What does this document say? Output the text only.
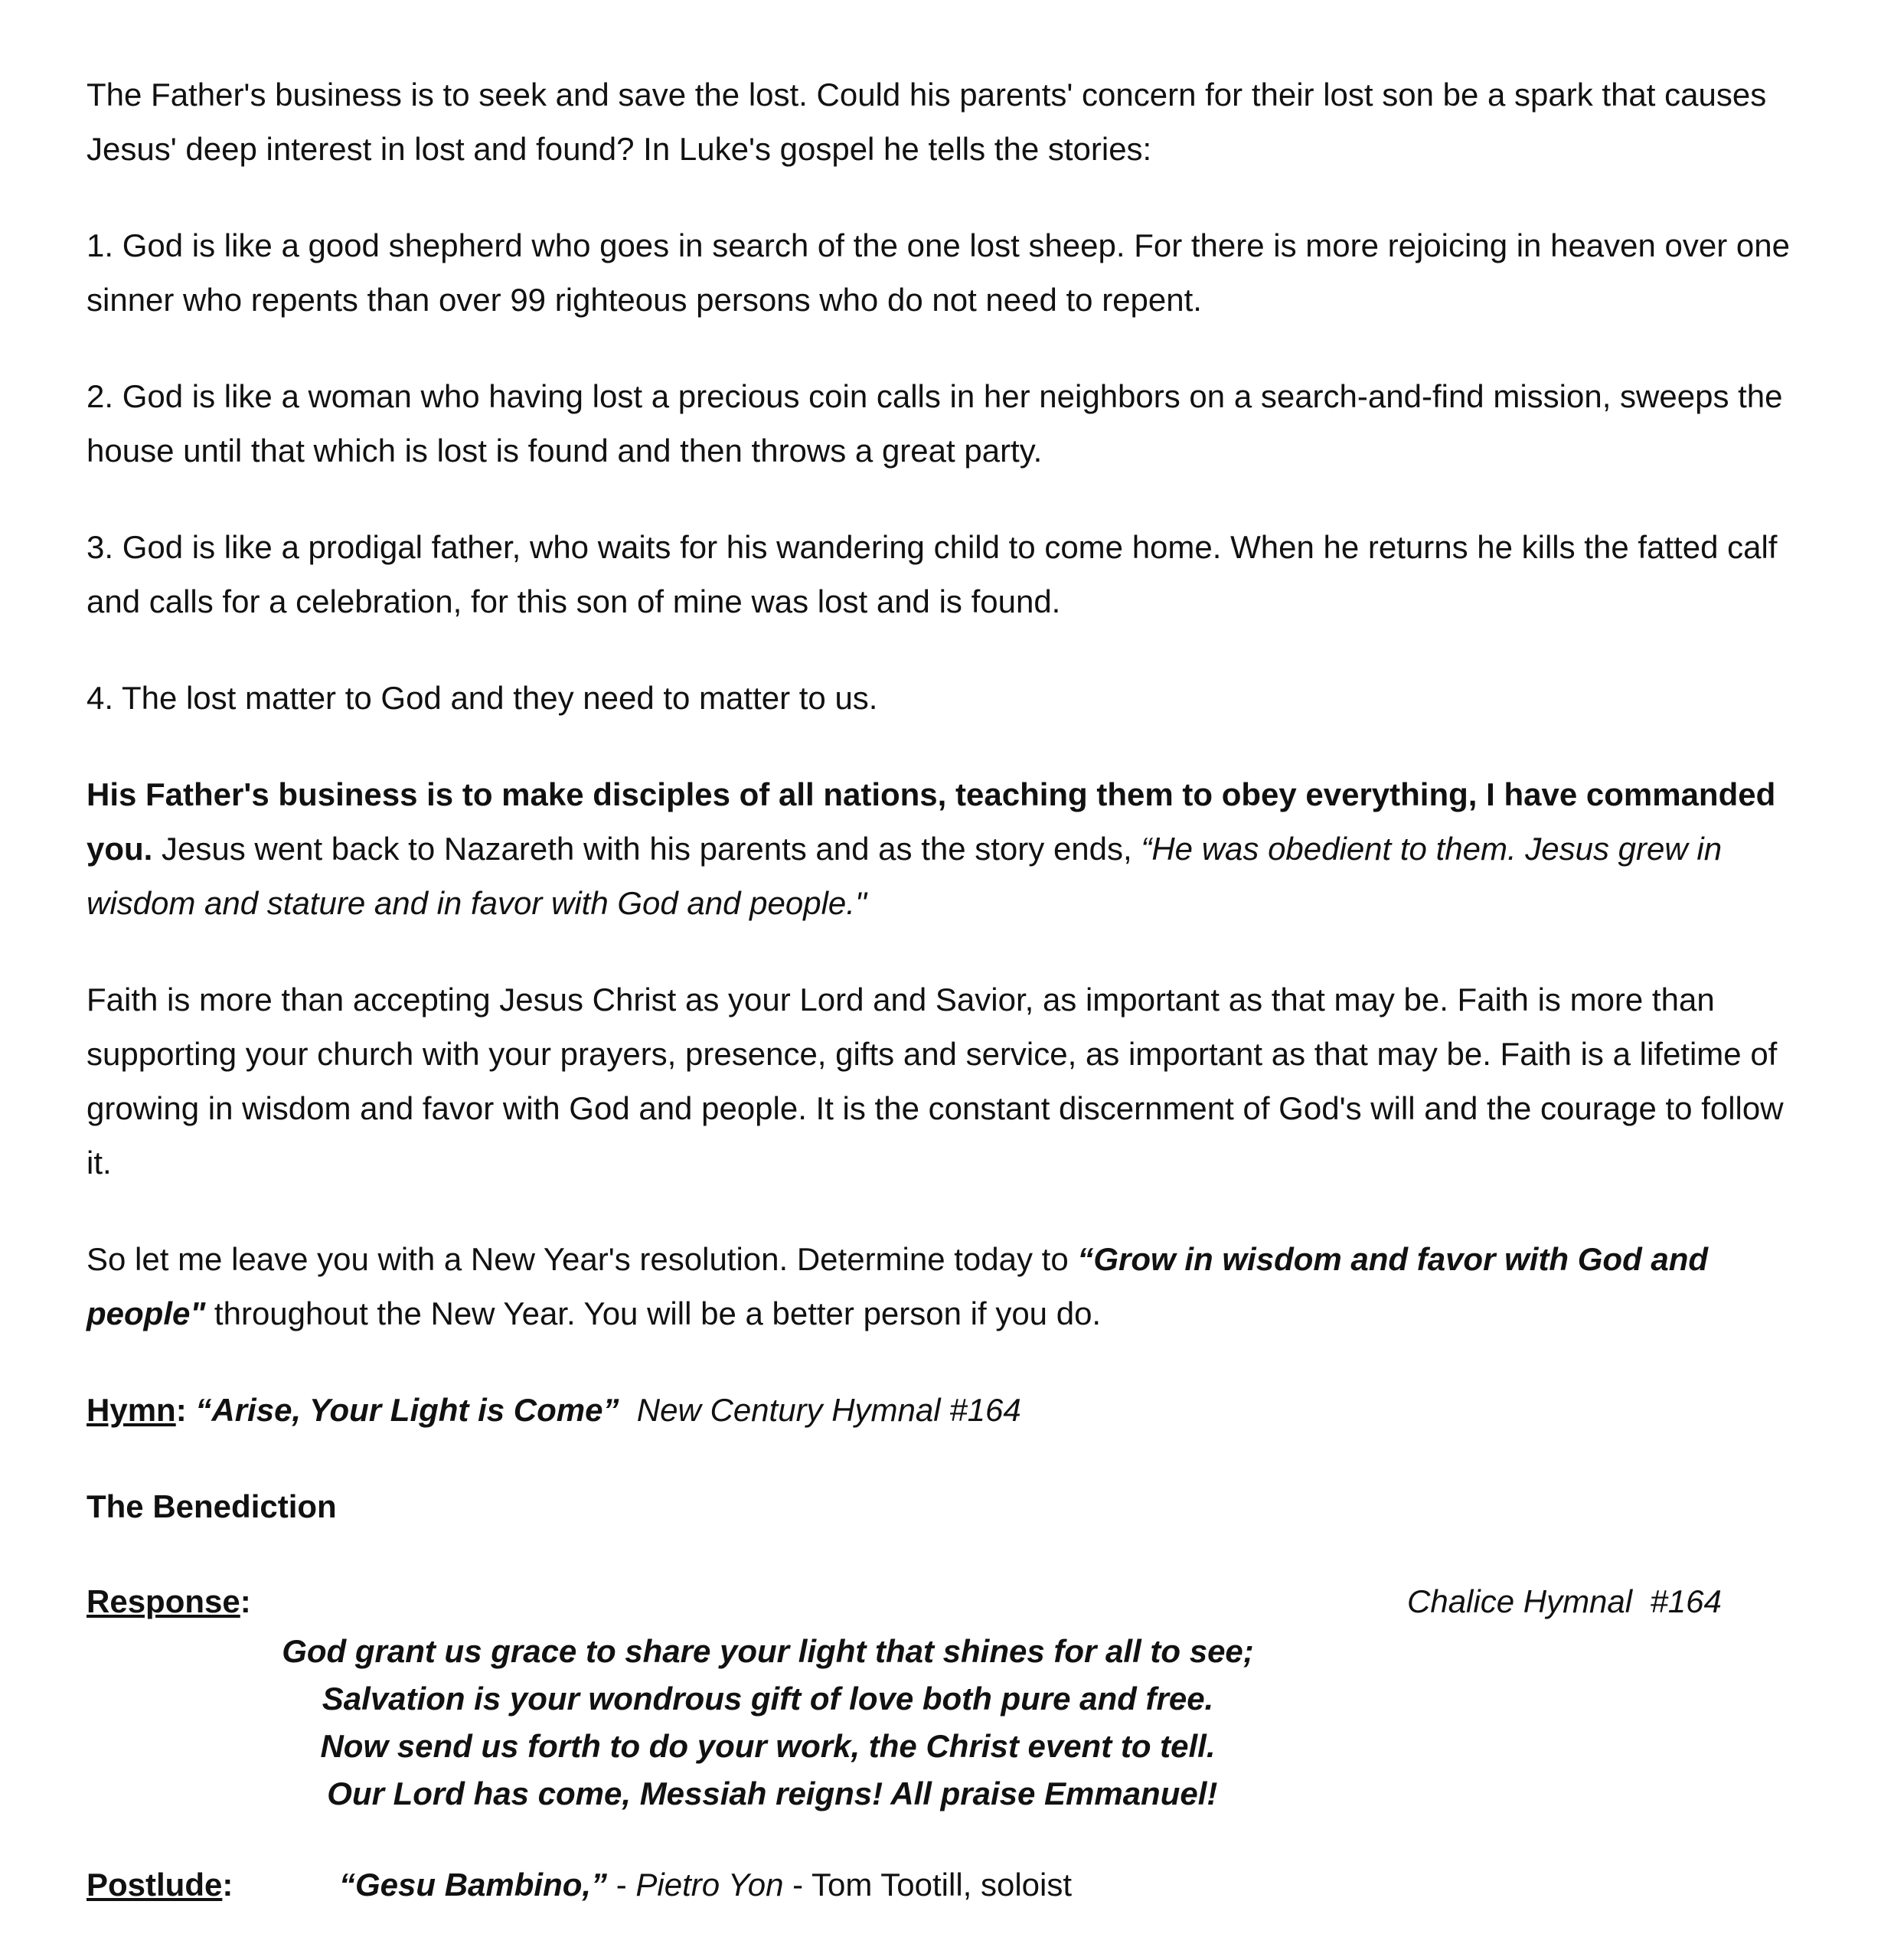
The Father's business is to seek and save the lost. Could his parents' concern for their lost son be a spark that causes Jesus' deep interest in lost and found? In Luke's gospel he tells the stories:

1. God is like a good shepherd who goes in search of the one lost sheep. For there is more rejoicing in heaven over one sinner who repents than over 99 righteous persons who do not need to repent.

2. God is like a woman who having lost a precious coin calls in her neighbors on a search-and-find mission, sweeps the house until that which is lost is found and then throws a great party.

3. God is like a prodigal father, who waits for his wandering child to come home. When he returns he kills the fatted calf and calls for a celebration, for this son of mine was lost and is found.

4. The lost matter to God and they need to matter to us.

His Father's business is to make disciples of all nations, teaching them to obey everything, I have commanded you. Jesus went back to Nazareth with his parents and as the story ends, “He was obedient to them. Jesus grew in wisdom and stature and in favor with God and people."

Faith is more than accepting Jesus Christ as your Lord and Savior, as important as that may be. Faith is more than supporting your church with your prayers, presence, gifts and service, as important as that may be. Faith is a lifetime of growing in wisdom and favor with God and people. It is the constant discernment of God's will and the courage to follow it.

So let me leave you with a New Year's resolution. Determine today to “Grow in wisdom and favor with God and people" throughout the New Year. You will be a better person if you do.

Hymn: “Arise, Your Light is Come”  New Century Hymnal #164

The Benediction

Response:	Chalice Hymnal  #164
God grant us grace to share your light that shines for all to see;
Salvation is your wondrous gift of love both pure and free.
Now send us forth to do your work, the Christ event to tell.
Our Lord has come, Messiah reigns! All praise Emmanuel!
Postlude:	“Gesu Bambino,” - Pietro Yon - Tom Tootill, soloist
